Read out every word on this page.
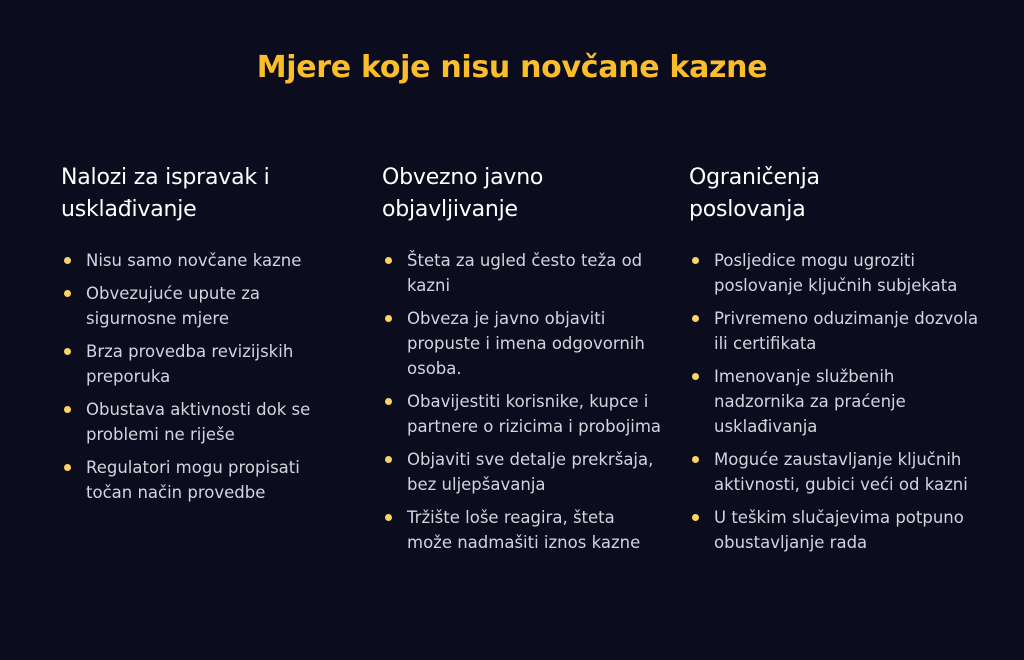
Mjere koje nisu novčane kazne
Nalozi za ispravak i
usklađivanje
Nisu samo novčane kazne
Obvezujuće upute za sigurnosne mjere
Brza provedba revizijskih preporuka
Obustava aktivnosti dok se problemi ne riješe
Regulatori mogu propisati točan način provedbe
Obvezno javno
objavljivanje
Šteta za ugled često teža od kazni
Obveza je javno objaviti propuste i imena odgovornih osoba.
Obavijestiti korisnike, kupce i partnere o rizicima i probojima
Objaviti sve detalje prekršaja, bez uljepšavanja
Tržište loše reagira, šteta može nadmašiti iznos kazne
Ograničenja
poslovanja
Posljedice mogu ugroziti poslovanje ključnih subjekata
Privremeno oduzimanje dozvola ili certifikata
Imenovanje službenih nadzornika za praćenje usklađivanja
Moguće zaustavljanje ključnih aktivnosti, gubici veći od kazni
U teškim slučajevima potpuno obustavljanje rada
